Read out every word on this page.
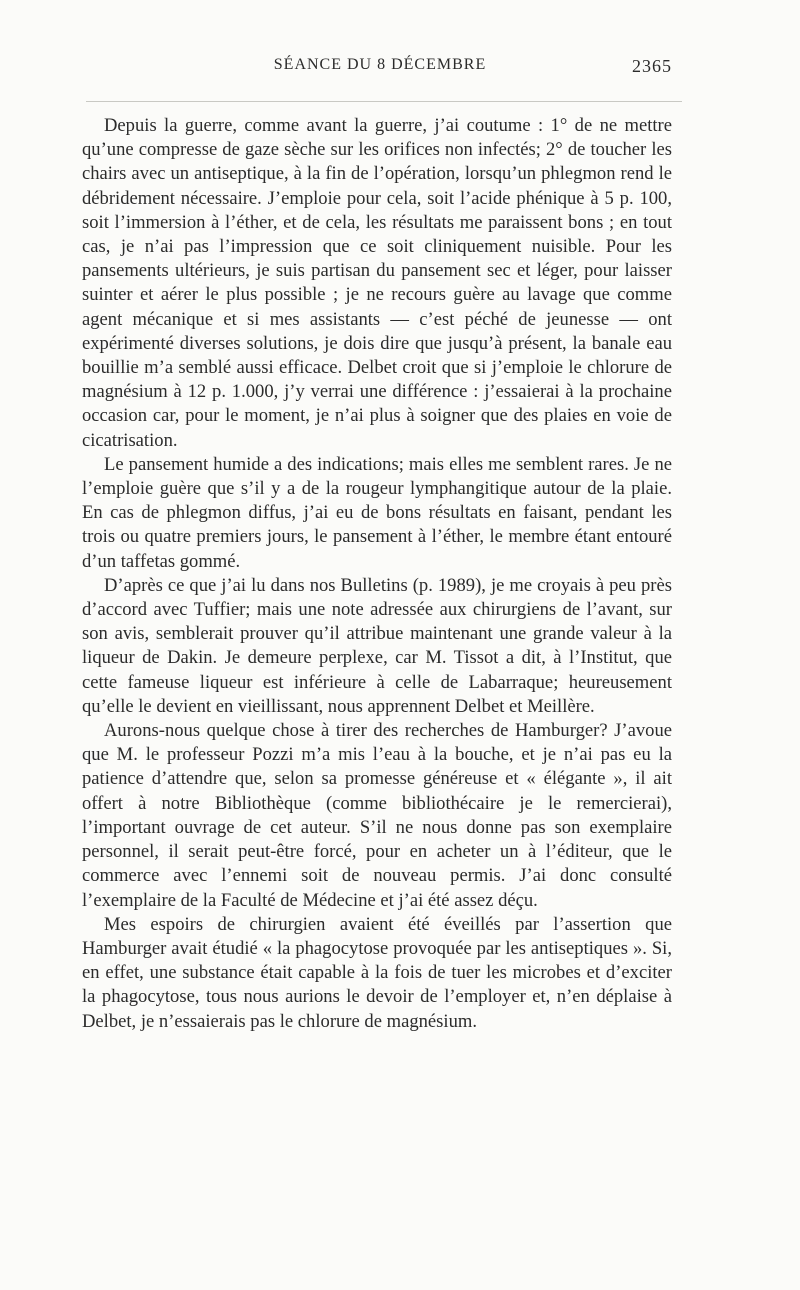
SÉANCE DU 8 DÉCEMBRE	2365

Depuis la guerre, comme avant la guerre, j’ai coutume : 1° de ne mettre qu’une compresse de gaze sèche sur les orifices non infectés; 2° de toucher les chairs avec un antiseptique, à la fin de l’opération, lorsqu’un phlegmon rend le débridement nécessaire. J’emploie pour cela, soit l’acide phénique à 5 p. 100, soit l’immersion à l’éther, et de cela, les résultats me paraissent bons ; en tout cas, je n’ai pas l’impression que ce soit cliniquement nuisible. Pour les pansements ultérieurs, je suis partisan du pansement sec et léger, pour laisser suinter et aérer le plus possible ; je ne recours guère au lavage que comme agent mécanique et si mes assistants — c’est péché de jeunesse — ont expérimenté diverses solutions, je dois dire que jusqu’à présent, la banale eau bouillie m’a semblé aussi efficace. Delbet croit que si j’emploie le chlorure de magnésium à 12 p. 1.000, j’y verrai une différence : j’essaierai à la prochaine occasion car, pour le moment, je n’ai plus à soigner que des plaies en voie de cicatrisation.

Le pansement humide a des indications; mais elles me semblent rares. Je ne l’emploie guère que s’il y a de la rougeur lymphangitique autour de la plaie. En cas de phlegmon diffus, j’ai eu de bons résultats en faisant, pendant les trois ou quatre premiers jours, le pansement à l’éther, le membre étant entouré d’un taffetas gommé.

D’après ce que j’ai lu dans nos Bulletins (p. 1989), je me croyais à peu près d’accord avec Tuffier; mais une note adressée aux chirurgiens de l’avant, sur son avis, semblerait prouver qu’il attribue maintenant une grande valeur à la liqueur de Dakin. Je demeure perplexe, car M. Tissot a dit, à l’Institut, que cette fameuse liqueur est inférieure à celle de Labarraque; heureusement qu’elle le devient en vieillissant, nous apprennent Delbet et Meillère.

Aurons-nous quelque chose à tirer des recherches de Hamburger? J’avoue que M. le professeur Pozzi m’a mis l’eau à la bouche, et je n’ai pas eu la patience d’attendre que, selon sa promesse généreuse et « élégante », il ait offert à notre Bibliothèque (comme bibliothécaire je le remercierai), l’important ouvrage de cet auteur. S’il ne nous donne pas son exemplaire personnel, il serait peut-être forcé, pour en acheter un à l’éditeur, que le commerce avec l’ennemi soit de nouveau permis. J’ai donc consulté l’exemplaire de la Faculté de Médecine et j’ai été assez déçu.

Mes espoirs de chirurgien avaient été éveillés par l’assertion que Hamburger avait étudié « la phagocytose provoquée par les antiseptiques ». Si, en effet, une substance était capable à la fois de tuer les microbes et d’exciter la phagocytose, tous nous aurions le devoir de l’employer et, n’en déplaise à Delbet, je n’essaierais pas le chlorure de magnésium.
